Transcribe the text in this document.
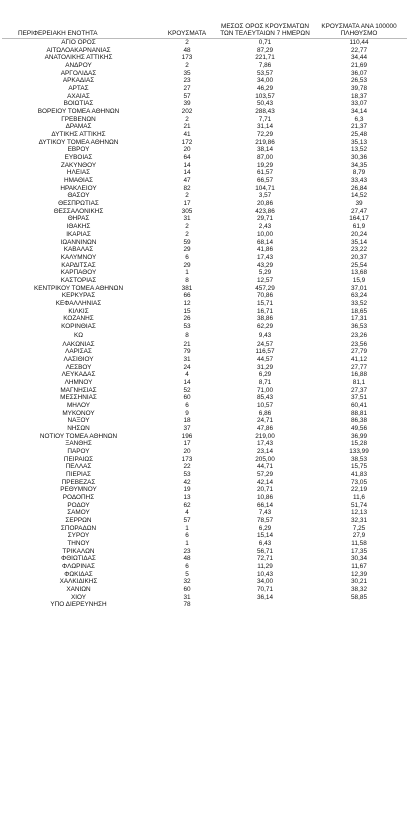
ΠΕΡΙΦΕΡΕΙΑΚΗ ΕΝΟΤΗΤΑ	ΚΡΟΥΣΜΑΤΑ	ΜΕΣΟΣ ΟΡΟΣ ΚΡΟΥΣΜΑΤΩΝ ΤΩΝ ΤΕΛΕΥΤΑΙΩΝ 7 ΗΜΕΡΩΝ	ΚΡΟΥΣΜΑΤΑ ΑΝΑ 100000 ΠΛΗΘΥΣΜΟ

ΑΓΙΟ ΟΡΟΣ	2	0,71	110,44
ΑΙΤΩΛΟΑΚΑΡΝΑΝΙΑΣ	48	87,29	22,77
ΑΝΑΤΟΛΙΚΗΣ ΑΤΤΙΚΗΣ	173	221,71	34,44
ΑΝΔΡΟΥ	2	7,86	21,69
ΑΡΓΟΛΙΔΑΣ	35	53,57	36,07
ΑΡΚΑΔΙΑΣ	23	34,00	26,53
ΑΡΤΑΣ	27	46,29	39,78
ΑΧΑΪΑΣ	57	103,57	18,37
ΒΟΙΩΤΙΑΣ	39	50,43	33,07
ΒΟΡΕΙΟΥ ΤΟΜΕΑ ΑΘΗΝΩΝ	202	288,43	34,14
ΓΡΕΒΕΝΩΝ	2	7,71	6,3
ΔΡΑΜΑΣ	21	31,14	21,37
ΔΥΤΙΚΗΣ ΑΤΤΙΚΗΣ	41	72,29	25,48
ΔΥΤΙΚΟΥ ΤΟΜΕΑ ΑΘΗΝΩΝ	172	219,86	35,13
ΕΒΡΟΥ	20	38,14	13,52
ΕΥΒΟΙΑΣ	64	87,00	30,36
ΖΑΚΥΝΘΟΥ	14	19,29	34,35
ΗΛΕΙΑΣ	14	61,57	8,79
ΗΜΑΘΙΑΣ	47	66,57	33,43
ΗΡΑΚΛΕΙΟΥ	82	104,71	26,84
ΘΑΣΟΥ	2	3,57	14,52
ΘΕΣΠΡΩΤΙΑΣ	17	20,86	39
ΘΕΣΣΑΛΟΝΙΚΗΣ	305	423,86	27,47
ΘΗΡΑΣ	31	29,71	164,17
ΙΘΑΚΗΣ	2	2,43	61,9
ΙΚΑΡΙΑΣ	2	10,00	20,24
ΙΩΑΝΝΙΝΩΝ	59	68,14	35,14
ΚΑΒΑΛΑΣ	29	41,86	23,22
ΚΑΛΥΜΝΟΥ	6	17,43	20,37
ΚΑΡΔΙΤΣΑΣ	29	43,29	25,54
ΚΑΡΠΑΘΟΥ	1	5,29	13,68
ΚΑΣΤΟΡΙΑΣ	8	12,57	15,9
ΚΕΝΤΡΙΚΟΥ ΤΟΜΕΑ ΑΘΗΝΩΝ	381	457,29	37,01
ΚΕΡΚΥΡΑΣ	66	70,86	63,24
ΚΕΦΑΛΛΗΝΙΑΣ	12	15,71	33,52
ΚΙΛΚΙΣ	15	16,71	18,65
ΚΟΖΑΝΗΣ	26	38,86	17,31
ΚΟΡΙΝΘΙΑΣ	53	62,29	36,53
ΚΩ	8	9,43	23,26
ΛΑΚΩΝΙΑΣ	21	24,57	23,56
ΛΑΡΙΣΑΣ	79	116,57	27,79
ΛΑΣΙΘΙΟΥ	31	44,57	41,12
ΛΕΣΒΟΥ	24	31,29	27,77
ΛΕΥΚΑΔΑΣ	4	6,29	16,88
ΛΗΜΝΟΥ	14	8,71	81,1
ΜΑΓΝΗΣΙΑΣ	52	71,00	27,37
ΜΕΣΣΗΝΙΑΣ	60	85,43	37,51
ΜΗΛΟΥ	6	10,57	60,41
ΜΥΚΟΝΟΥ	9	6,86	88,81
ΝΑΞΟΥ	18	24,71	86,38
ΝΗΣΩΝ	37	47,86	49,56
ΝΟΤΙΟΥ ΤΟΜΕΑ ΑΘΗΝΩΝ	196	219,00	36,99
ΞΑΝΘΗΣ	17	17,43	15,28
ΠΑΡΟΥ	20	23,14	133,99
ΠΕΙΡΑΙΩΣ	173	205,00	38,53
ΠΕΛΛΑΣ	22	44,71	15,75
ΠΙΕΡΙΑΣ	53	57,29	41,83
ΠΡΕΒΕΖΑΣ	42	42,14	73,05
ΡΕΘΥΜΝΟΥ	19	20,71	22,19
ΡΟΔΟΠΗΣ	13	10,86	11,6
ΡΟΔΟΥ	62	66,14	51,74
ΣΑΜΟΥ	4	7,43	12,13
ΣΕΡΡΩΝ	57	78,57	32,31
ΣΠΟΡΑΔΩΝ	1	6,29	7,25
ΣΥΡΟΥ	6	15,14	27,9
ΤΗΝΟΥ	1	6,43	11,58
ΤΡΙΚΑΛΩΝ	23	56,71	17,35
ΦΘΙΩΤΙΔΑΣ	48	72,71	30,34
ΦΛΩΡΙΝΑΣ	6	11,29	11,67
ΦΩΚΙΔΑΣ	5	10,43	12,39
ΧΑΛΚΙΔΙΚΗΣ	32	34,00	30,21
ΧΑΝΙΩΝ	60	70,71	38,32
ΧΙΟΥ	31	36,14	58,85
ΥΠΟ ΔΙΕΡΕΥΝΗΣΗ	78		
